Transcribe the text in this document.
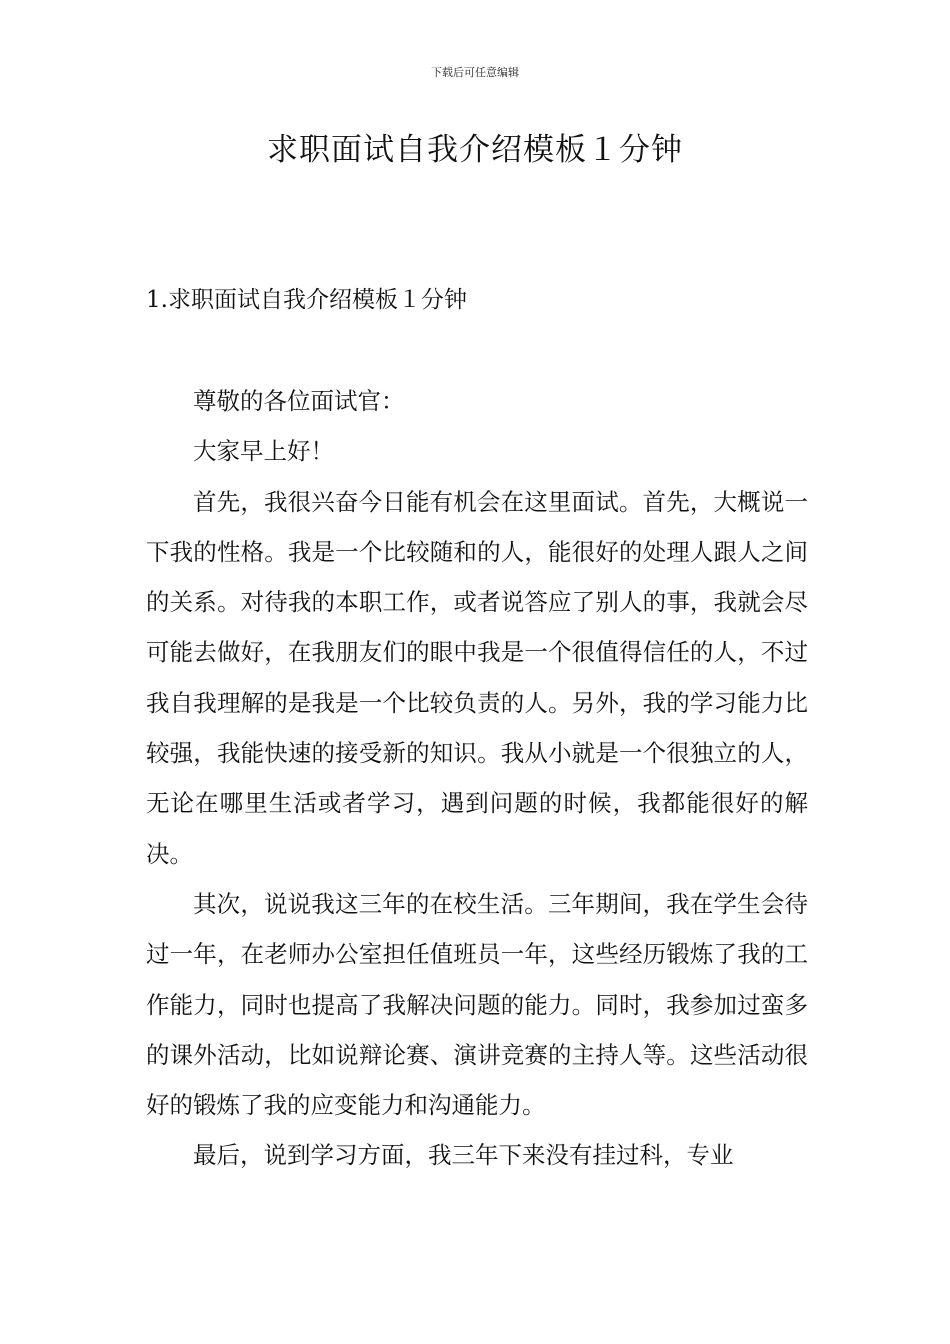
下载后可任意编辑
求职面试自我介绍模板１分钟
1.求职面试自我介绍模板１分钟

尊敬的各位面试官：

大家早上好！

首先，我很兴奋今日能有机会在这里面试。首先，大概说一下我的性格。我是一个比较随和的人，能很好的处理人跟人之间的关系。对待我的本职工作，或者说答应了别人的事，我就会尽可能去做好，在我朋友们的眼中我是一个很值得信任的人，不过我自我理解的是我是一个比较负责的人。另外，我的学习能力比较强，我能快速的接受新的知识。我从小就是一个很独立的人，无论在哪里生活或者学习，遇到问题的时候，我都能很好的解决。

其次，说说我这三年的在校生活。三年期间，我在学生会待过一年，在老师办公室担任值班员一年，这些经历锻炼了我的工作能力，同时也提高了我解决问题的能力。同时，我参加过蛮多的课外活动，比如说辩论赛、演讲竞赛的主持人等。这些活动很好的锻炼了我的应变能力和沟通能力。

最后，说到学习方面，我三年下来没有挂过科，专业
